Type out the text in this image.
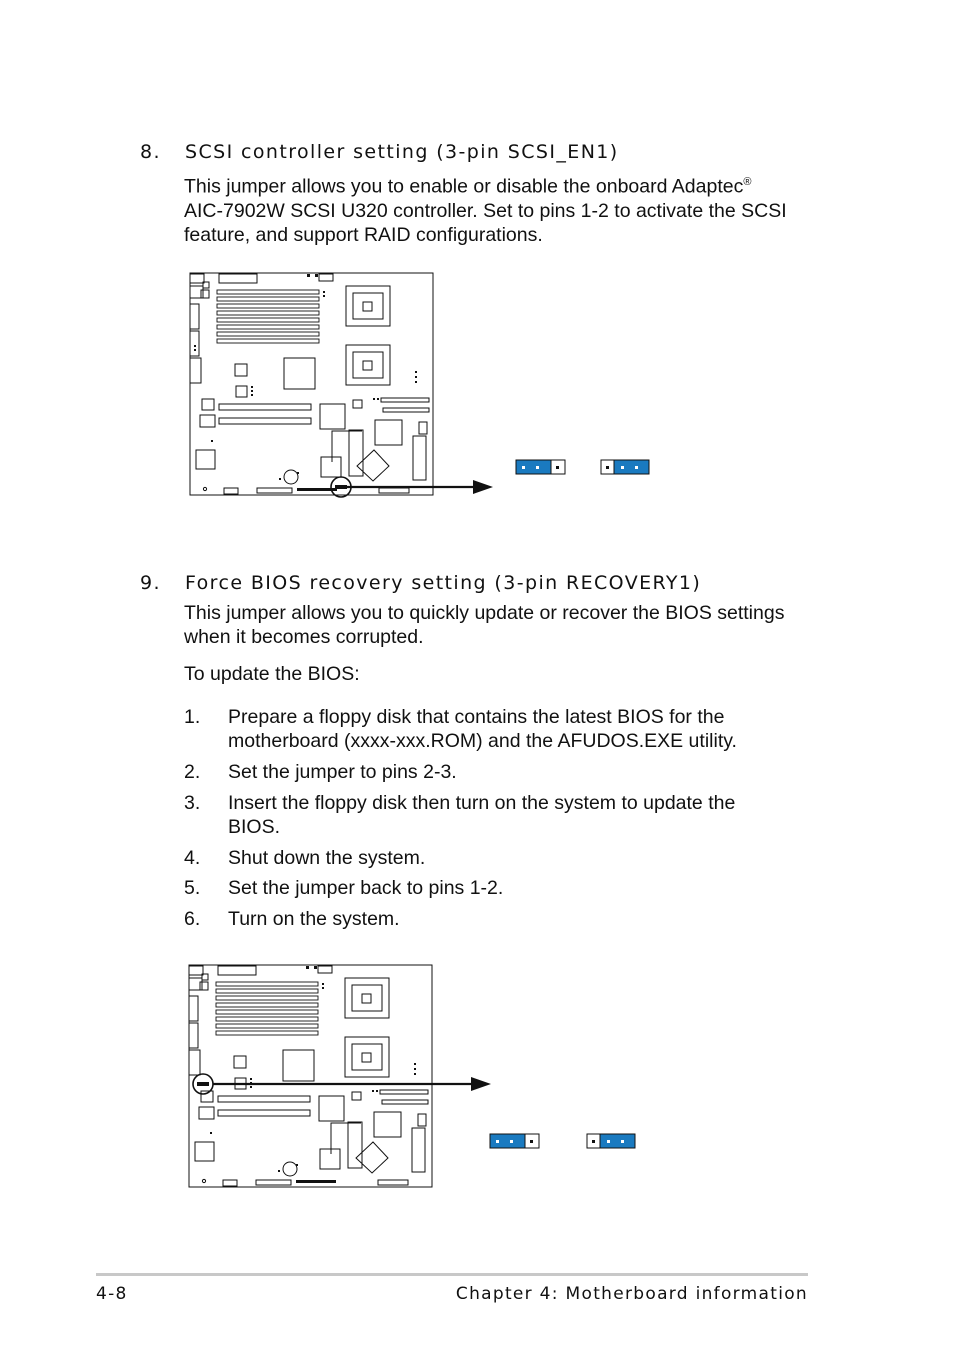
8. SCSI controller setting (3-pin SCSI_EN1)
This jumper allows you to enable or disable the onboard Adaptec®
AIC-7902W SCSI U320 controller. Set to pins 1-2 to activate the SCSI
feature, and support RAID configurations.
9. Force BIOS recovery setting (3-pin RECOVERY1)
This jumper allows you to quickly update or recover the BIOS settings
when it becomes corrupted.
To update the BIOS:
1. Prepare a floppy disk that contains the latest BIOS for the
motherboard (xxxx-xxx.ROM) and the AFUDOS.EXE utility.
2. Set the jumper to pins 2-3.
3. Insert the floppy disk then turn on the system to update the
BIOS.
4. Shut down the system.
5. Set the jumper back to pins 1-2.
6. Turn on the system.
4-8	Chapter 4: Motherboard information
